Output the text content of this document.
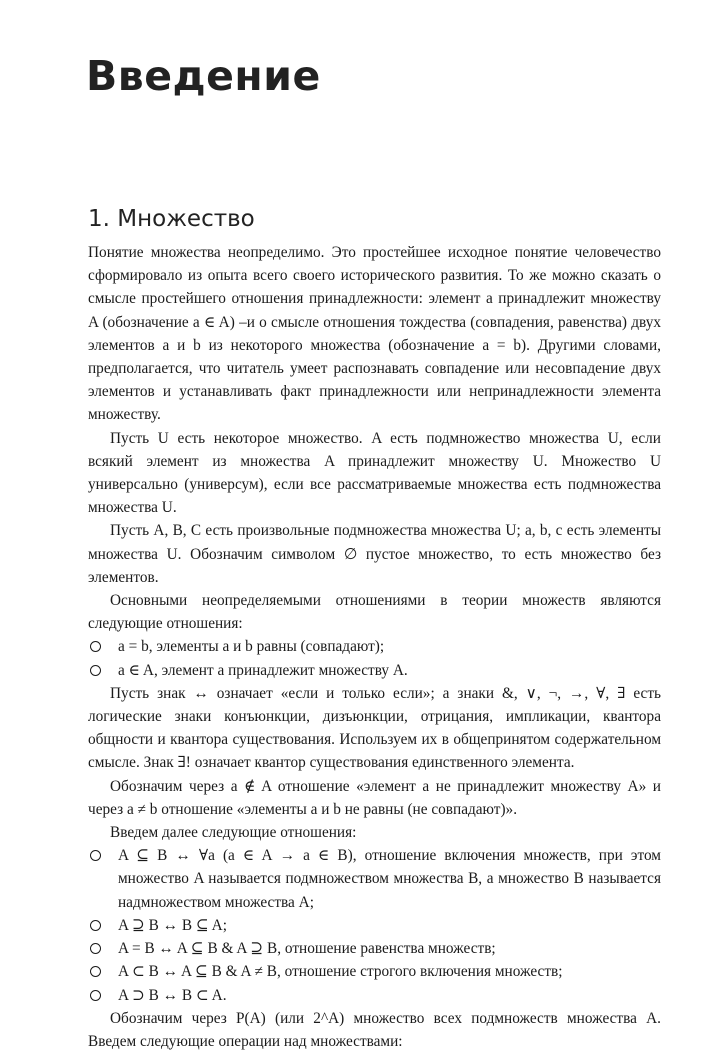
Введение
1. Множество

Понятие множества неопределимо. Это простейшее исходное понятие человечество сформировало из опыта всего своего исторического развития. То же можно сказать о смысле простейшего отношения принадлежности: элемент a принадлежит множеству A (обозначение a ∈ A) –и о смысле отношения тождества (совпадения, равенства) двух элементов a и b из некоторого множества (обозначение a = b). Другими словами, предполагается, что читатель умеет распознавать совпадение или несовпадение двух элементов и устанавливать факт принадлежности или непринадлежности элемента множеству.

Пусть U есть некоторое множество. A есть подмножество множества U, если всякий элемент из множества A принадлежит множеству U. Множество U универсально (универсум), если все рассматриваемые множества есть подмножества множества U.

Пусть A, B, C есть произвольные подмножества множества U; a, b, c есть элементы множества U. Обозначим символом ∅ пустое множество, то есть множество без элементов.

Основными неопределяемыми отношениями в теории множеств являются следующие отношения:

a = b, элементы a и b равны (совпадают);
a ∈ A, элемент a принадлежит множеству A.

Пусть знак ↔ означает «если и только если»; а знаки &, ∨, ¬, →, ∀, ∃ есть логические знаки конъюнкции, дизъюнкции, отрицания, импликации, квантора общности и квантора существования. Используем их в общепринятом содержательном смысле. Знак ∃! означает квантор существования единственного элемента.

Обозначим через a ∉ A отношение «элемент a не принадлежит множеству A» и через a ≠ b отношение «элементы a и b не равны (не совпадают)».

Введем далее следующие отношения:

A ⊆ B ↔ ∀a (a ∈ A → a ∈ B), отношение включения множеств, при этом множество A называется подмножеством множества B, а множество B называется надмножеством множества A;
A ⊇ B ↔ B ⊆ A;
A = B ↔ A ⊆ B & A ⊇ B, отношение равенства множеств;
A ⊂ B ↔ A ⊆ B & A ≠ B, отношение строгого включения множеств;
A ⊃ B ↔ B ⊂ A.

Обозначим через P(A) (или 2^A) множество всех подмножеств множества A. Введем следующие операции над множествами:
